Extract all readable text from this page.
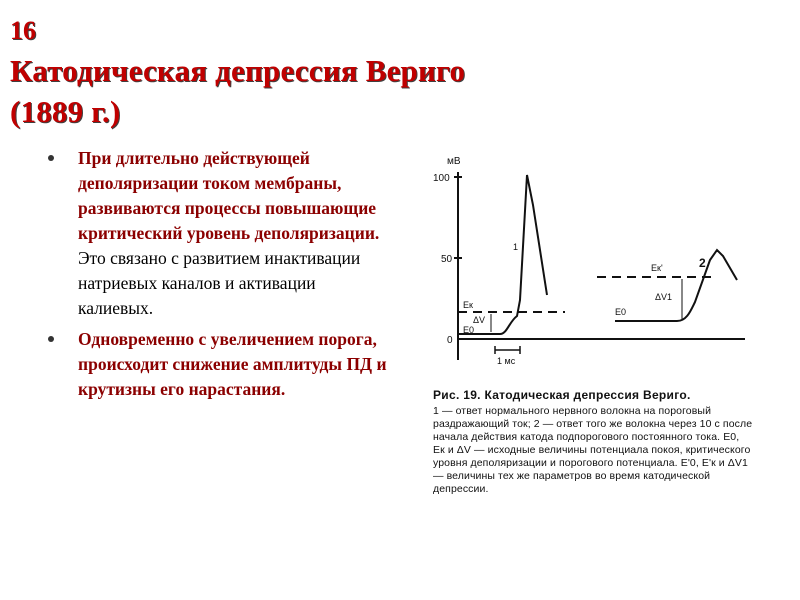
16
Катодическая депрессия Вериго
(1889 г.)
При длительно действующей деполяризации током мембраны, развиваются процессы повышающие критический уровень деполяризации. Это связано с развитием инактивации натриевых каналов и активации калиевых.
Одновременно с увеличением порога, происходит снижение амплитуды ПД и крутизны его нарастания.
мВ
100
50
0
1
2
Eк
E0
ΔV
Eк'
ΔV1
E0
1 мс
Рис. 19. Катодическая депрессия Вериго.
1 — ответ нормального нервного волокна на пороговый раздражающий ток; 2 — ответ того же волокна через 10 с после начала действия катода подпорогового постоянного тока. E0, Eк и ΔV — исходные величины потенциала покоя, критического уровня деполяризации и порогового потенциала. E'0, E'к и ΔV1 — величины тех же параметров во время катодической депрессии.
